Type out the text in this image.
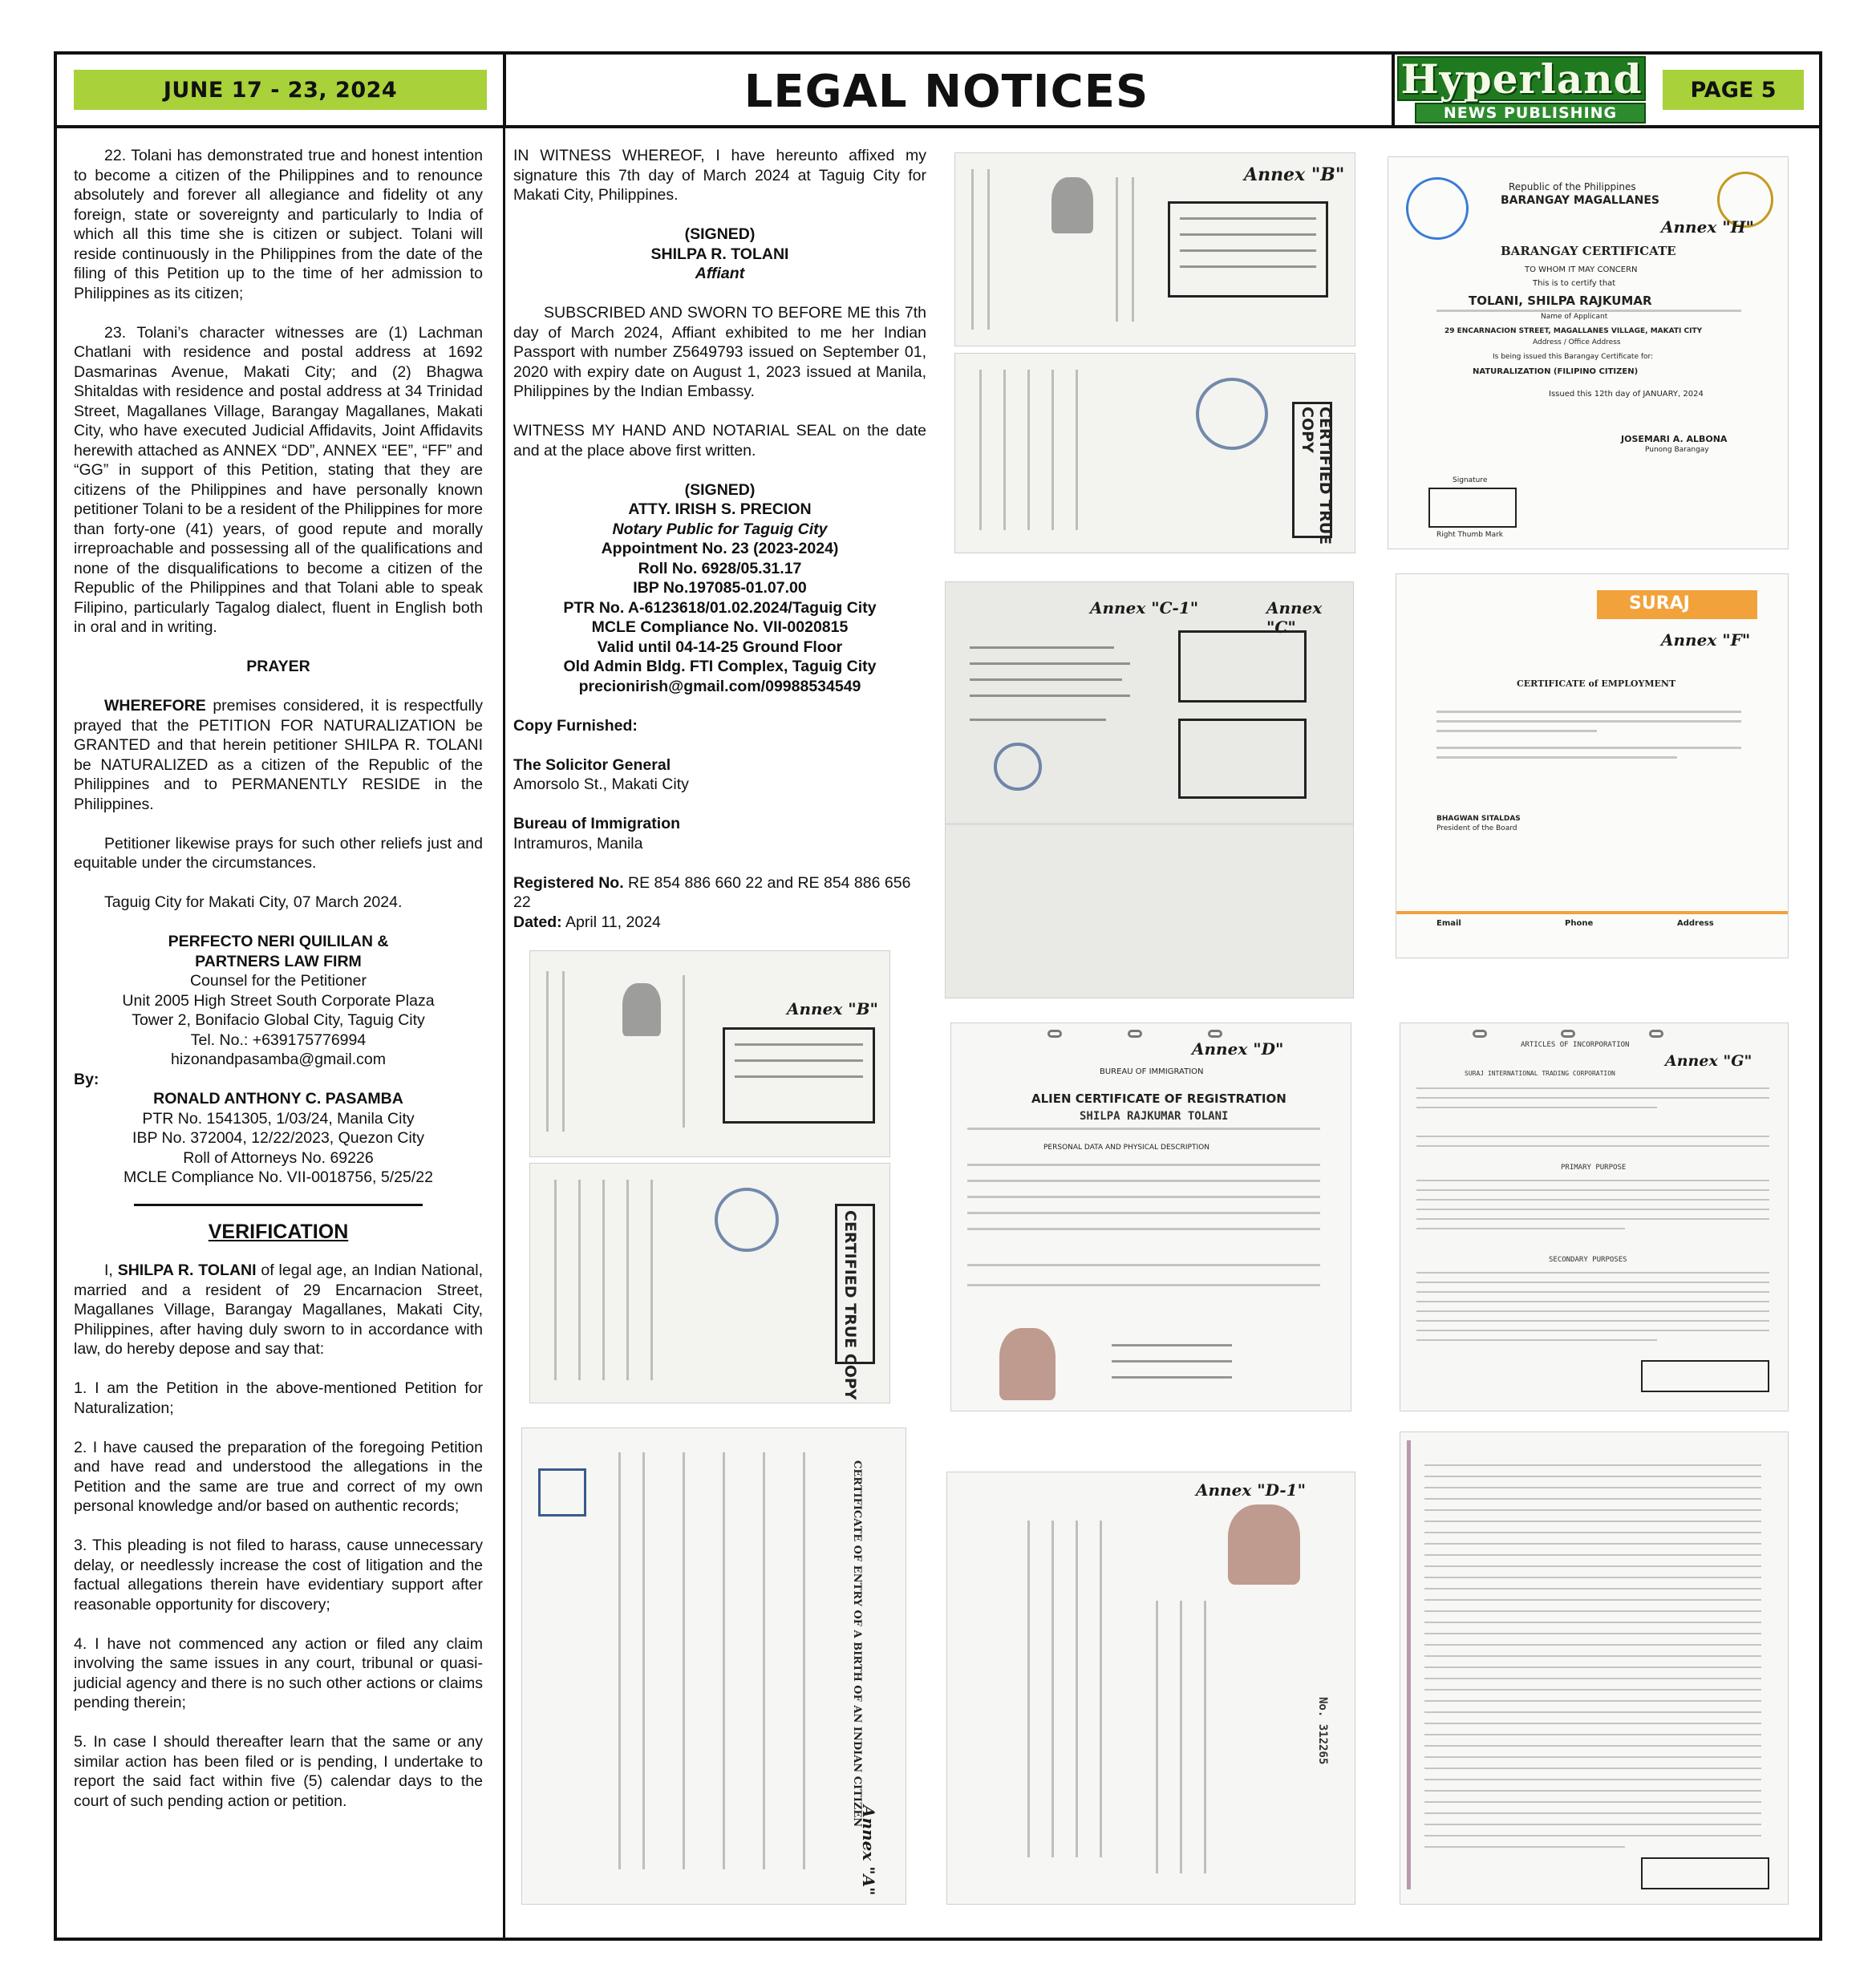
JUNE 17 - 23, 2024	LEGAL NOTICES	Hyperland
NEWS PUBLISHING
PAGE 5

22. Tolani has demonstrated true and honest intention to become a citizen of the Philippines and to renounce absolutely and forever all allegiance and fidelity ot any foreign, state or sovereignty and particularly to India of which all this time she is citizen or subject. Tolani will reside continuously in the Philippines from the date of the filing of this Petition up to the time of her admission to Philippines as its citizen;

23. Tolani’s character witnesses are (1) Lachman Chatlani with residence and postal address at 1692 Dasmarinas Avenue, Makati City; and (2) Bhagwa Shitaldas with residence and postal address at 34 Trinidad Street, Magallanes Village, Barangay Magallanes, Makati City, who have executed Judicial Affidavits, Joint Affidavits herewith attached as ANNEX “DD”, ANNEX “EE”, “FF” and “GG” in support of this Petition, stating that they are citizens of the Philippines and have personally known petitioner Tolani to be a resident of the Philippines for more than forty-one (41) years, of good repute and morally irreproachable and possessing all of the qualifications and none of the disqualifications to become a citizen of the Republic of the Philippines and that Tolani able to speak Filipino, particularly Tagalog dialect, fluent in English both in oral and in writing.

PRAYER

WHEREFORE premises considered, it is respectfully prayed that the PETITION FOR NATURALIZATION be GRANTED and that herein petitioner SHILPA R. TOLANI be NATURALIZED as a citizen of the Republic of the Philippines and to PERMANENTLY RESIDE in the Philippines.

Petitioner likewise prays for such other reliefs just and equitable under the circumstances.

Taguig City for Makati City, 07 March 2024.

PERFECTO NERI QUILILAN &
PARTNERS LAW FIRM
Counsel for the Petitioner
Unit 2005 High Street South Corporate Plaza
Tower 2, Bonifacio Global City, Taguig City
Tel. No.: +639175776994
hizonandpasamba@gmail.com
By:
RONALD ANTHONY C. PASAMBA
PTR No. 1541305, 1/03/24, Manila City
IBP No. 372004, 12/22/2023, Quezon City
Roll of Attorneys No. 69226
MCLE Compliance No. VII-0018756, 5/25/22
VERIFICATION

I, SHILPA R. TOLANI of legal age, an Indian National, married and a resident of 29 Encarnacion Street, Magallanes Village, Barangay Magallanes, Makati City, Philippines, after having duly sworn to in accordance with law, do hereby depose and say that:

1. I am the Petition in the above-mentioned Petition for Naturalization;

2. I have caused the preparation of the foregoing Petition and have read and understood the allegations in the Petition and the same are true and correct of my own personal knowledge and/or based on authentic records;

3. This pleading is not filed to harass, cause unnecessary delay, or needlessly increase the cost of litigation and the factual allegations therein have evidentiary support after reasonable opportunity for discovery;

4. I have not commenced any action or filed any claim involving the same issues in any court, tribunal or quasi-judicial agency and there is no such other actions or claims pending therein;

5. In case I should thereafter learn that the same or any similar action has been filed or is pending, I undertake to report the said fact within five (5) calendar days to the court of such pending action or petition.

IN WITNESS WHEREOF, I have hereunto affixed my signature this 7th day of March 2024 at Taguig City for Makati City, Philippines.

(SIGNED)
SHILPA R. TOLANI
Affiant

SUBSCRIBED AND SWORN TO BEFORE ME this 7th day of March 2024, Affiant exhibited to me her Indian Passport with number Z5649793 issued on September 01, 2020 with expiry date on August 1, 2023 issued at Manila, Philippines by the Indian Embassy.

WITNESS MY HAND AND NOTARIAL SEAL on the date and at the place above first written.

(SIGNED)
ATTY. IRISH S. PRECION
Notary Public for Taguig City
Appointment No. 23 (2023-2024)
Roll No. 6928/05.31.17
IBP No.197085-01.07.00
PTR No. A-6123618/01.02.2024/Taguig City
MCLE Compliance No. VII-0020815
Valid until 04-14-25 Ground Floor
Old Admin Bldg. FTI Complex, Taguig City
precionirish@gmail.com/09988534549
Copy Furnished:
The Solicitor General
Amorsolo St., Makati City
Bureau of Immigration
Intramuros, Manila
Registered No. RE 854 886 660 22 and RE 854 886 656 22
Dated: April 11, 2024
Annex "B"
CERTIFIED TRUE COPY
Republic of the Philippines
BARANGAY MAGALLANES
Annex "H"
BARANGAY CERTIFICATE
TO WHOM IT MAY CONCERN
This is to certify that
TOLANI, SHILPA RAJKUMAR
Name of Applicant
29 ENCARNACION STREET, MAGALLANES VILLAGE, MAKATI CITY
Address / Office Address
Is being issued this Barangay Certificate for:
NATURALIZATION (FILIPINO CITIZEN)
Issued this 12th day of JANUARY, 2024
JOSEMARI A. ALBONA
Punong Barangay
Signature
Right Thumb Mark
Annex "C-1"	Annex "C"
SURAJ
Annex "F"
CERTIFICATE of EMPLOYMENT
BHAGWAN SITALDAS
President of the Board
Email	Phone	Address
Annex "B"
CERTIFIED TRUE COPY
Annex "D"
BUREAU OF IMMIGRATION
ALIEN CERTIFICATE OF REGISTRATION
SHILPA RAJKUMAR TOLANI
PERSONAL DATA AND PHYSICAL DESCRIPTION
ARTICLES OF INCORPORATION
Annex "G"
SURAJ INTERNATIONAL TRADING CORPORATION
PRIMARY PURPOSE
SECONDARY PURPOSES
CERTIFICATE OF ENTRY OF A BIRTH OF AN INDIAN CITIZEN
Annex "A"
Annex "D-1"
No. 312265
